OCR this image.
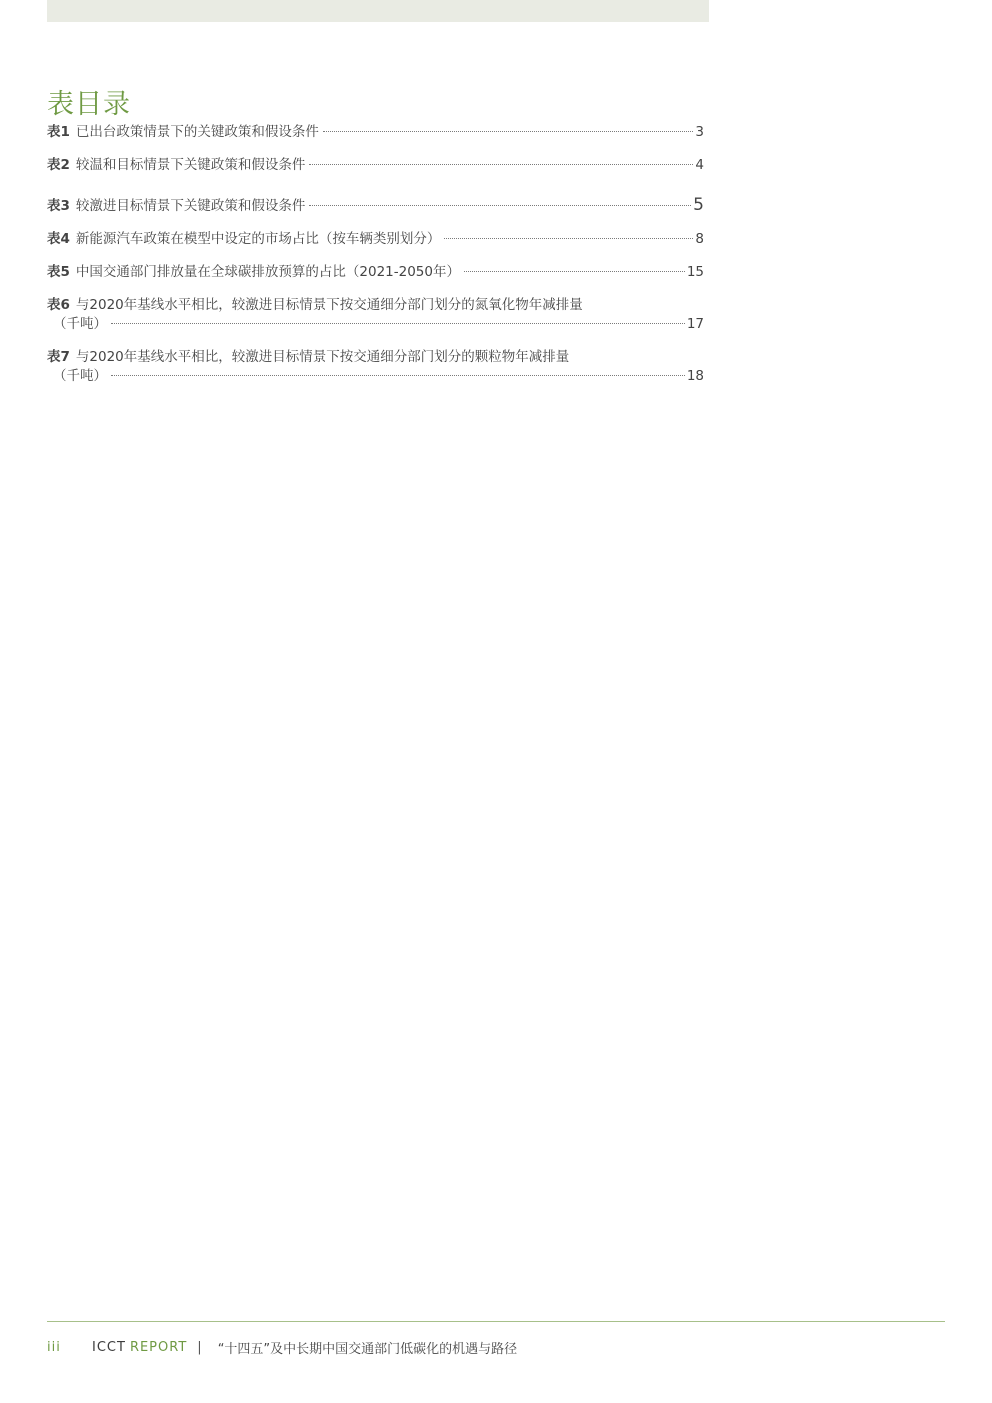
表目录
表1 已出台政策情景下的关键政策和假设条件	3
表2 较温和目标情景下关键政策和假设条件	4
表3 较激进目标情景下关键政策和假设条件	5
表4 新能源汽车政策在模型中设定的市场占比（按车辆类别划分）	8
表5 中国交通部门排放量在全球碳排放预算的占比（2021-2050年）	15
表6 与2020年基线水平相比，较激进目标情景下按交通细分部门划分的氮氧化物年减排量
（千吨）	17
表7 与2020年基线水平相比，较激进目标情景下按交通细分部门划分的颗粒物年减排量
（千吨）	18
iii	ICCT REPORT | “十四五”及中长期中国交通部门低碳化的机遇与路径
